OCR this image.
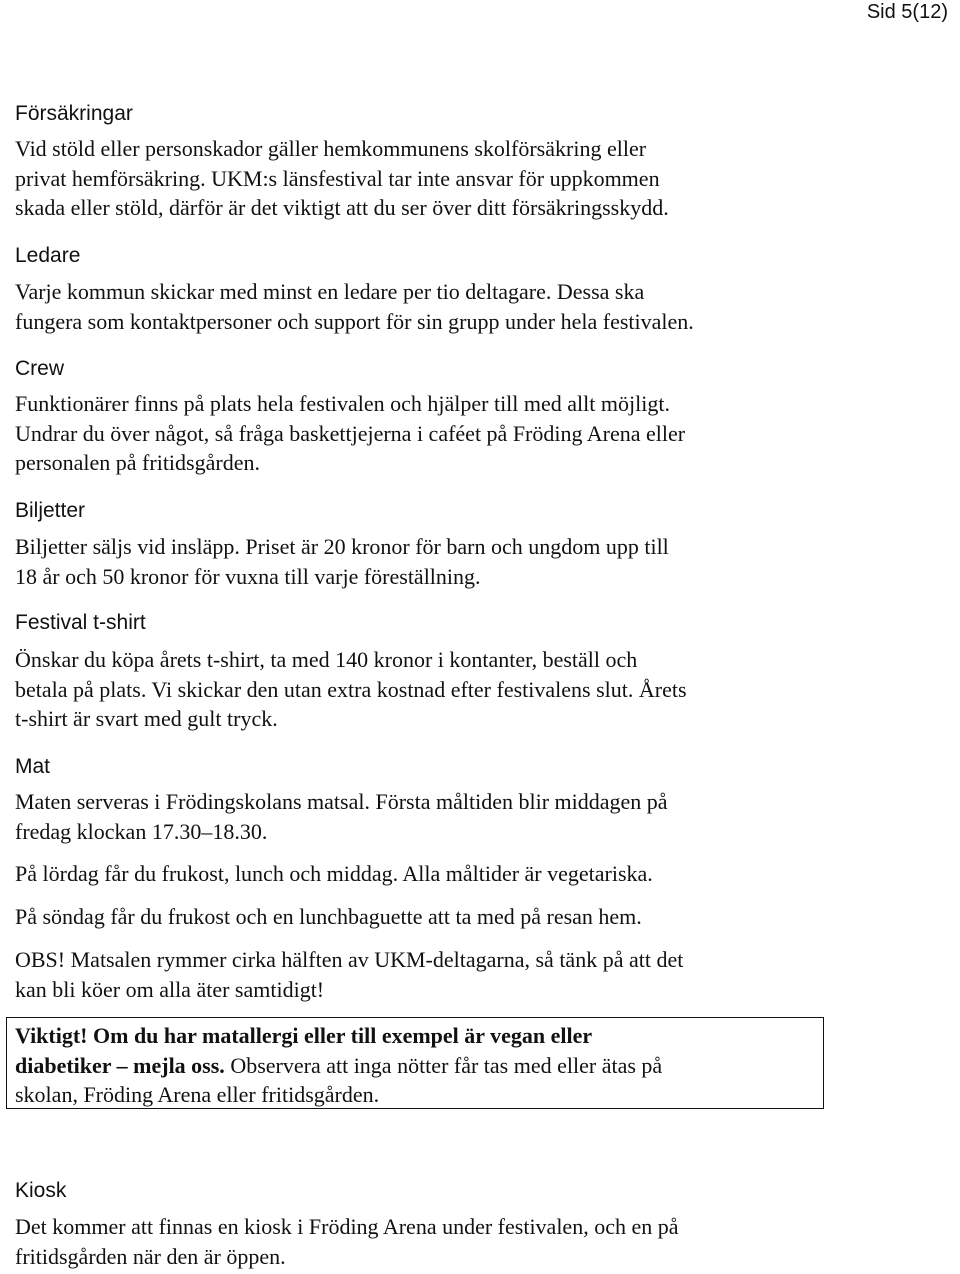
Sid 5(12)
Försäkringar

Vid stöld eller personskador gäller hemkommunens skolförsäkring eller
privat hemförsäkring. UKM:s länsfestival tar inte ansvar för uppkommen
skada eller stöld, därför är det viktigt att du ser över ditt försäkringsskydd.

Ledare

Varje kommun skickar med minst en ledare per tio deltagare. Dessa ska
fungera som kontaktpersoner och support för sin grupp under hela festivalen.

Crew

Funktionärer finns på plats hela festivalen och hjälper till med allt möjligt.
Undrar du över något, så fråga baskettjejerna i caféet på Fröding Arena eller
personalen på fritidsgården.

Biljetter

Biljetter säljs vid insläpp. Priset är 20 kronor för barn och ungdom upp till
18 år och 50 kronor för vuxna till varje föreställning.

Festival t-shirt

Önskar du köpa årets t-shirt, ta med 140 kronor i kontanter, beställ och
betala på plats. Vi skickar den utan extra kostnad efter festivalens slut. Årets
t-shirt är svart med gult tryck.

Mat

Maten serveras i Frödingskolans matsal. Första måltiden blir middagen på
fredag klockan 17.30–18.30.

På lördag får du frukost, lunch och middag. Alla måltider är vegetariska.

På söndag får du frukost och en lunchbaguette att ta med på resan hem.

OBS! Matsalen rymmer cirka hälften av UKM-deltagarna, så tänk på att det
kan bli köer om alla äter samtidigt!

Viktigt! Om du har matallergi eller till exempel är vegan eller
diabetiker – mejla oss. Observera att inga nötter får tas med eller ätas på
skolan, Fröding Arena eller fritidsgården.

Kiosk

Det kommer att finnas en kiosk i Fröding Arena under festivalen, och en på
fritidsgården när den är öppen.
